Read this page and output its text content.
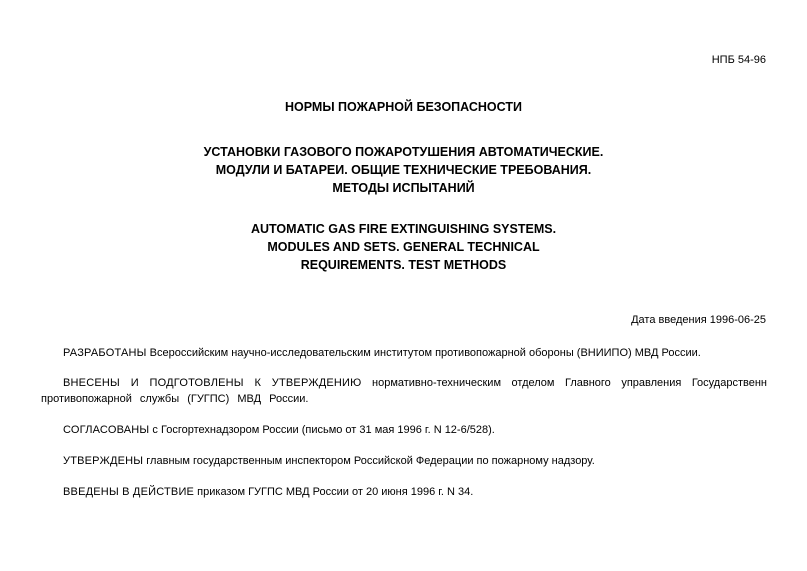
НПБ 54-96
НОРМЫ ПОЖАРНОЙ БЕЗОПАСНОСТИ
УСТАНОВКИ ГАЗОВОГО ПОЖАРОТУШЕНИЯ АВТОМАТИЧЕСКИЕ.
МОДУЛИ И БАТАРЕИ. ОБЩИЕ ТЕХНИЧЕСКИЕ ТРЕБОВАНИЯ.
МЕТОДЫ ИСПЫТАНИЙ
AUTOMATIC GAS FIRE EXTINGUISHING SYSTEMS.
MODULES AND SETS. GENERAL TECHNICAL
REQUIREMENTS. TEST METHODS
Дата введения 1996-06-25
РАЗРАБОТАНЫ Всероссийским научно-исследовательским институтом противопожарной обороны (ВНИИПО) МВД России.
ВНЕСЕНЫ И ПОДГОТОВЛЕНЫ К УТВЕРЖДЕНИЮ нормативно-техническим отделом Главного управления Государственн противопожарной службы (ГУГПС) МВД России.
СОГЛАСОВАНЫ с Госгортехнадзором России (письмо от 31 мая 1996 г. N 12-6/528).
УТВЕРЖДЕНЫ главным государственным инспектором Российской Федерации по пожарному надзору.
ВВЕДЕНЫ В ДЕЙСТВИЕ приказом ГУГПС МВД России от 20 июня 1996 г. N 34.
